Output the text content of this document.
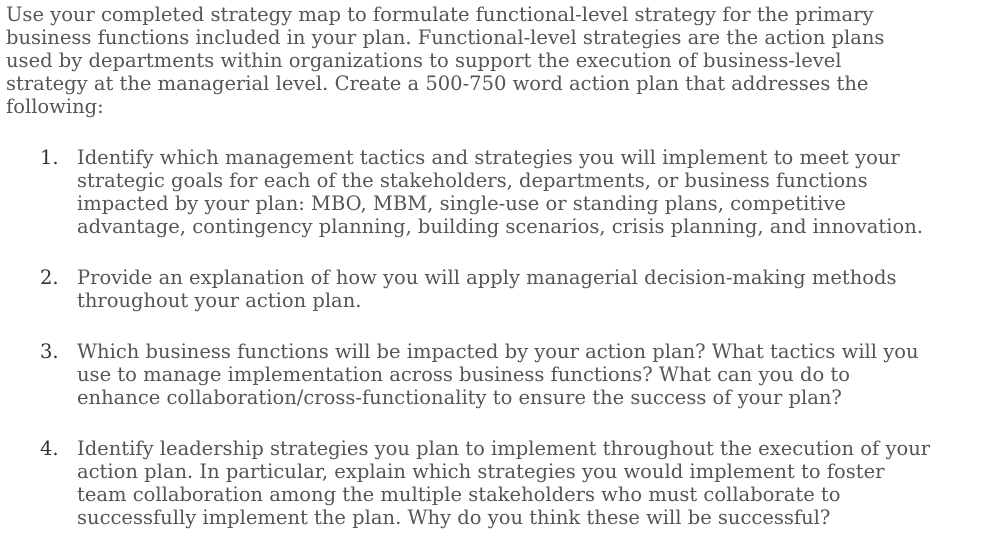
Use your completed strategy map to formulate functional-level strategy for the primary business functions included in your plan. Functional-level strategies are the action plans used by departments within organizations to support the execution of business-level strategy at the managerial level. Create a 500-750 word action plan that addresses the following:

1. Identify which management tactics and strategies you will implement to meet your strategic goals for each of the stakeholders, departments, or business functions impacted by your plan: MBO, MBM, single-use or standing plans, competitive advantage, contingency planning, building scenarios, crisis planning, and innovation.
2. Provide an explanation of how you will apply managerial decision-making methods throughout your action plan.
3. Which business functions will be impacted by your action plan? What tactics will you use to manage implementation across business functions? What can you do to enhance collaboration/cross-functionality to ensure the success of your plan?
4. Identify leadership strategies you plan to implement throughout the execution of your action plan. In particular, explain which strategies you would implement to foster team collaboration among the multiple stakeholders who must collaborate to successfully implement the plan. Why do you think these will be successful?
